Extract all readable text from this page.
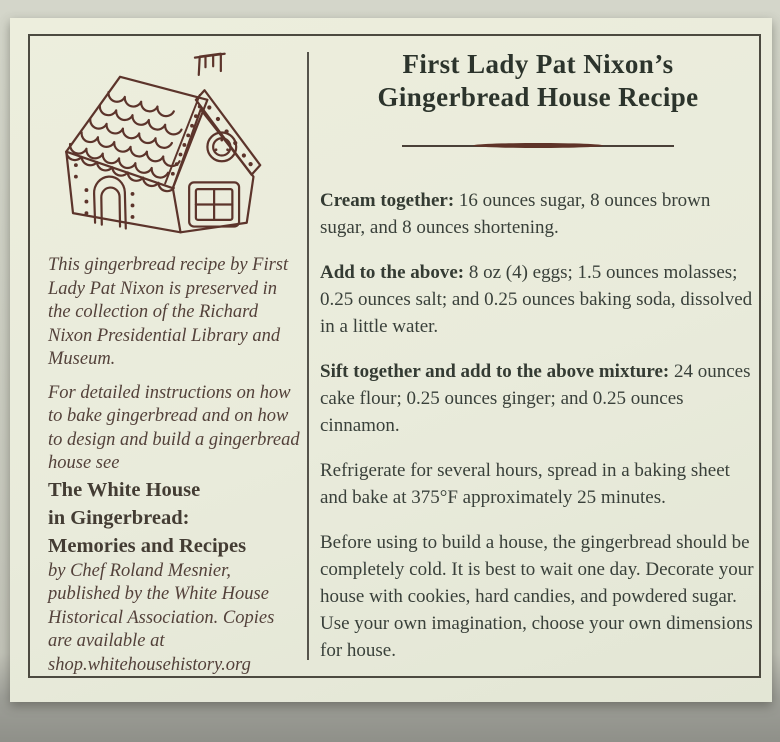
This gingerbread recipe by First Lady Pat Nixon is preserved in the collection of the Richard Nixon Presidential Library and Museum.

For detailed instructions on how to bake gingerbread and on how to design and build a gingerbread house see

The White House
in Gingerbread:
Memories and Recipes

by Chef Roland Mesnier, published by the White House Historical Association. Copies are available at

shop.whitehousehistory.org

First Lady Pat Nixon’s
Gingerbread House Recipe

Cream together: 16 ounces sugar, 8 ounces brown sugar, and 8 ounces shortening.

Add to the above: 8 oz (4) eggs; 1.5 ounces molasses; 0.25 ounces salt; and 0.25 ounces baking soda, dissolved in a little water.

Sift together and add to the above mixture: 24 ounces cake flour; 0.25 ounces ginger; and 0.25 ounces cinnamon.

Refrigerate for several hours, spread in a baking sheet and bake at 375°F approximately 25 minutes.

Before using to build a house, the gingerbread should be completely cold. It is best to wait one day. Decorate your house with cookies, hard candies, and powdered sugar. Use your own imagination, choose your own dimensions for house.
